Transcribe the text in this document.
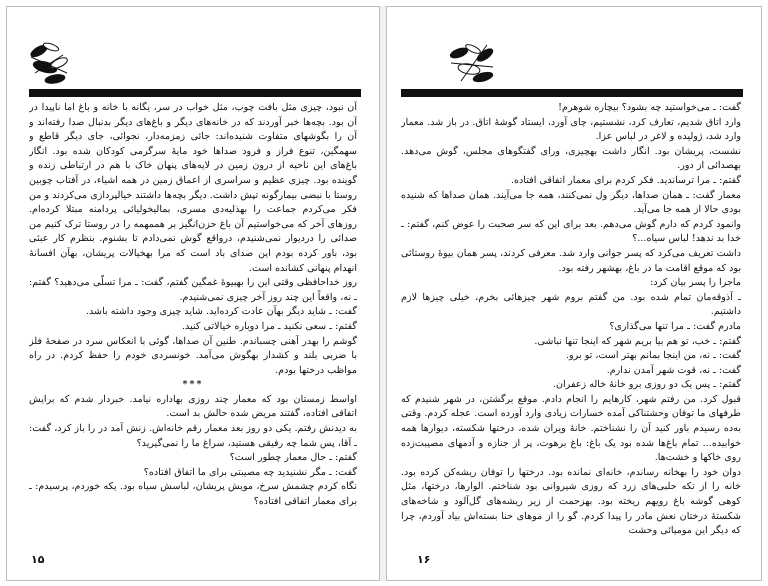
آن نبود، چیزی مثل بافت چوب، مثل خواب در سر، یگانه با خانه و باغ اما ناپیدا در آن بود. بچه‌ها خبر آوردند که در خانه‌های دیگر و باغ‌های دیگر بدنبال صدا رفته‌اند و آن را بگوشهای متفاوت شنیده‌اند: جائی زمزمه‌دار، نجوائی، جای دیگر قاطع و سهمگین، تنوع فراز و فرود صداها خود مایۀ سرگرمی کودکان شده بود. انگار باغ‌های این ناحیه از درون زمین در لایه‌های پنهان خاک با هم در ارتباطی زنده و گوینده بود. چیزی عظیم و سراسری از اعماق زمین در همه اشیاء، در آفتاب چوبین روستا با نبضی بیمارگونه تپش داشت. دیگر بچه‌ها داشتند خیالپردازی می‌کردند و من فکر می‌کردم جماعت را بهذلیه‌دی مسری، بمالیخولیائی پردامنه مبتلا کرده‌ام. روزهای آخر که می‌خواستیم آن باغ حزن‌انگیز بر هممهمه را در روستا ترک کنیم من صدائی را دردیوار نمی‌شنیدم، درواقع گوش نمی‌دادم تا بشنوم. بنظرم کار عبثی بود، باور کرده بودم این صدای باد است که مرا بهخیالات پریشان، بهآن افسانۀ انهدام پنهانی کشانده است.

روز خداحافظی وقتی این را بهبیوۀ غمگین گفتم، گفت: ـ مرا تسلّی می‌دهید؟ گفتم: ـ نه، واقعاً این چند روز آخر چیزی نمی‌شنیدم.

گفت: ـ شاید دیگر بهآن عادت کرده‌اید. شاید چیزی وجود داشته باشد.

گفتم: ـ سعی نکنید ـ مرا دوباره خیالاتی کنید.

گوشم را بهدر آهنی چسباندم. طنین آن صداها، گوئی با انعکاس سرد در صفحۀ فلز با ضربی بلند و کشدار بهگوش می‌آمد. خونسردی خودم را حفظ کردم. در راه مواظب درختها بودم.

***

اواسط زمستان بود که معمار چند روزی بهاداره نیامد. خبردار شدم که برایش اتفاقی افتاده، گفتند مریض شده حالش بد است.

به دیدنش رفتم. یکی دو روز بعد معمار رقم خانه‌اش. زنش آمد در را باز کرد، گفت: ـ آقا، پس شما چه رفیقی هستید، سراغ ما را نمی‌گیرید؟

گفتم: ـ حال معمار چطور است؟

گفت: ـ مگر نشنیدید چه مصیبتی برای ما اتفاق افتاده؟

نگاه کردم چشمش سرخ، مویش پریشان، لباسش سیاه بود. یکه خوردم، پرسیدم: ـ برای معمار اتفاقی افتاده؟

۱۵

گفت: ـ می‌خواستید چه بشود؟ بیچاره شوهرم!

وارد اتاق شدیم، تعارف کرد، نشستیم، چای آورد، ایستاد گوشۀ اتاق. در باز شد. معمار وارد شد، ژولیده و لاغر در لباس عزا.

نشست، پریشان بود. انگار داشت بهچیزی، ورای گفتگوهای مجلس، گوش می‌دهد. بهصدائی از دور.

گفتم: ـ مرا ترساندید. فکر کردم برای معمار اتفاقی افتاده.

معمار گفت: ـ همان صداها، دیگر ول نمی‌کنند، همه جا می‌آیند. همان صداها که شنیده بودی حالا از همه جا می‌آید.

وانمود کردم که دارم گوش می‌دهم. بعد برای این که سر صحبت را عوض کنم، گفتم: ـ خدا بد ندهد! لباس سیاه...؟

داشت تعریف می‌کرد که پسر جوانی وارد شد. معرفی کردند، پسر همان بیوۀ روستائی بود که موقع اقامت ما در باغ، بهشهر رفته بود.

ماجرا را پسر بیان کرد:

ـ آذوقه‌مان تمام شده بود. من گفتم بروم شهر چیزهائی بخرم، خیلی چیزها لازم داشتیم.

مادرم گفت: ـ مرا تنها می‌گذاری؟

گفتم: ـ خب، تو هم بیا بریم شهر که اینجا تنها نباشی.

گفت: ـ نه، من اینجا بمانم بهتر است، تو برو.

گفت: ـ نه، قوت شهر آمدن ندارم.

گفتم: ـ پس یک دو روزی برو خانۀ خاله زعفران.

قبول کرد. من رفتم شهر، کارهایم را انجام دادم. موقع برگشتن، در شهر شنیدم که طرفهای ما توفان وحشتناکی آمده خسارات زیادی وارد آورده است. عجله کردم. وقتی به‌ده رسیدم باور کنید آن را نشناختم. خانۀ ویران شده، درختها شکسته، دیوارها همه خوابیده... تمام باغ‌ها شده بود یک باغ: باغ برهوت، پر از جنازه و آدمهای مصیبت‌زده روی خاکها و خشت‌ها.

دوان خود را بهخانه رساندم، خانه‌ای نمانده بود. درختها را توفان ریشه‌کن کرده بود. خانه را از تکه حلبی‌های زرد که روزی شیروانی بود شناختم. الوارها، درختها، مثل کوهی گوشه باغ رویهم ریخته بود. بهزحمت از زیر ریشه‌های گل‌آلود و شاخه‌های شکستۀ درختان نعش مادر را پیدا کردم. گو را از موهای حنا بسته‌اش بیاد آوردم، چرا که دیگر این مومیائی وحشت

۱۶
